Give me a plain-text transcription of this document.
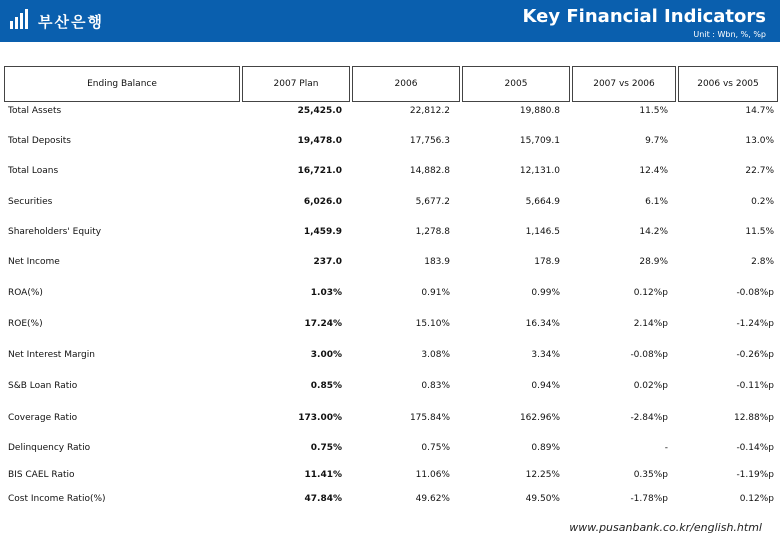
부산은행	Key Financial Indicators
Unit : Wbn, %, %p
Ending Balance	2007 Plan	2006	2005	2007 vs 2006	2006 vs 2005
Total Assets	25,425.0	22,812.2	19,880.8	11.5%	14.7%
Total Deposits	19,478.0	17,756.3	15,709.1	9.7%	13.0%
Total Loans	16,721.0	14,882.8	12,131.0	12.4%	22.7%
Securities	6,026.0	5,677.2	5,664.9	6.1%	0.2%
Shareholders' Equity	1,459.9	1,278.8	1,146.5	14.2%	11.5%
Net Income	237.0	183.9	178.9	28.9%	2.8%
ROA(%)	1.03%	0.91%	0.99%	0.12%p	-0.08%p
ROE(%)	17.24%	15.10%	16.34%	2.14%p	-1.24%p
Net Interest Margin	3.00%	3.08%	3.34%	-0.08%p	-0.26%p
S&B Loan Ratio	0.85%	0.83%	0.94%	0.02%p	-0.11%p
Coverage Ratio	173.00%	175.84%	162.96%	-2.84%p	12.88%p
Delinquency Ratio	0.75%	0.75%	0.89%	-	-0.14%p
BIS CAEL Ratio	11.41%	11.06%	12.25%	0.35%p	-1.19%p
Cost Income Ratio(%)	47.84%	49.62%	49.50%	-1.78%p	0.12%p
www.pusanbank.co.kr/english.html
